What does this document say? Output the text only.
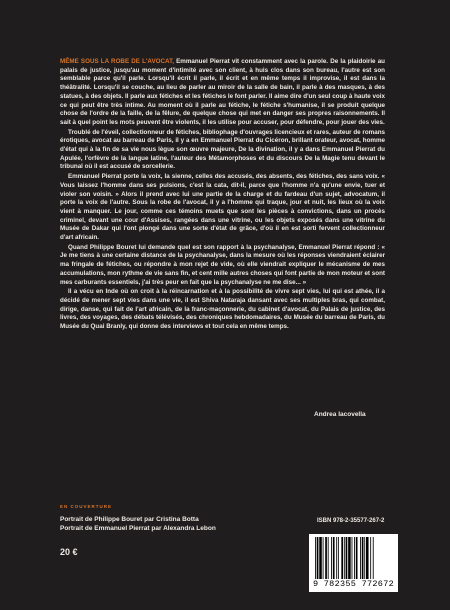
MÊME SOUS LA ROBE DE L'AVOCAT, Emmanuel Pierrat vit constamment avec la parole. De la plaidoirie au palais de justice, jusqu'au moment d'intimité avec son client, à huis clos dans son bureau, l'autre est son semblable parce qu'il parle. Lorsqu'il écrit il parle, il écrit et en même temps il improvise, il est dans la théâtralité. Lorsqu'il se couche, au lieu de parler au miroir de la salle de bain, il parle à des masques, à des statues, à des objets. Il parle aux fétiches et les fétiches le font parler. Il aime dire d'un seul coup à haute voix ce qui peut être très intime. Au moment où il parle au fétiche, le fétiche s'humanise, il se produit quelque chose de l'ordre de la faille, de la fêlure, de quelque chose qui met en danger ses propres raisonnements. Il sait à quel point les mots peuvent être violents, il les utilise pour accuser, pour défendre, pour jouer des vies.

Troublé de l'éveil, collectionneur de fétiches, bibliophage d'ouvrages licencieux et rares, auteur de romans érotiques, avocat au barreau de Paris, il y a en Emmanuel Pierrat du Cicéron, brillant orateur, avocat, homme d'état qui à la fin de sa vie nous lègue son œuvre majeure, De la divination, il y a dans Emmanuel Pierrat du Apulée, l'orfèvre de la langue latine, l'auteur des Métamorphoses et du discours De la Magie tenu devant le tribunal où il est accusé de sorcellerie.

Emmanuel Pierrat porte la voix, la sienne, celles des accusés, des absents, des fétiches, des sans voix. « Vous laissez l'homme dans ses pulsions, c'est la cata, dit-il, parce que l'homme n'a qu'une envie, tuer et violer son voisin. » Alors il prend avec lui une partie de la charge et du fardeau d'un sujet, advocatum, il porte la voix de l'autre. Sous la robe de l'avocat, il y a l'homme qui traque, jour et nuit, les lieux où la voix vient à manquer. Le jour, comme ces témoins muets que sont les pièces à convictions, dans un procès criminel, devant une cour d'Assises, rangées dans une vitrine, ou les objets exposés dans une vitrine du Musée de Dakar qui l'ont plongé dans une sorte d'état de grâce, d'où il en est sorti fervent collectionneur d'art africain.

Quand Philippe Bouret lui demande quel est son rapport à la psychanalyse, Emmanuel Pierrat répond : « Je me tiens à une certaine distance de la psychanalyse, dans la mesure où les réponses viendraient éclairer ma fringale de fétiches, ou répondre à mon rejet de vide, où elle viendrait expliquer le mécanisme de mes accumulations, mon rythme de vie sans fin, et cent mille autres choses qui font partie de mon moteur et sont mes carburants essentiels, j'ai très peur en fait que la psychanalyse ne me dise... »

Il a vécu en Inde où on croit à la réincarnation et à la possibilité de vivre sept vies, lui qui est athée, il a décidé de mener sept vies dans une vie, il est Shiva Nataraja dansant avec ses multiples bras, qui combat, dirige, danse, qui fait de l'art africain, de la franc-maçonnerie, du cabinet d'avocat, du Palais de justice, des livres, des voyages, des débats télévisés, des chroniques hebdomadaires, du Musée du barreau de Paris, du Musée du Quai Branly, qui donne des interviews et tout cela en même temps.

Andrea Iacovella
EN COUVERTURE
Portrait de Philippe Bouret par Cristina Botta
Portrait de Emmanuel Pierrat par Alexandra Lebon
ISBN 978-2-35577-267-2
20 €
9 782355 772672
